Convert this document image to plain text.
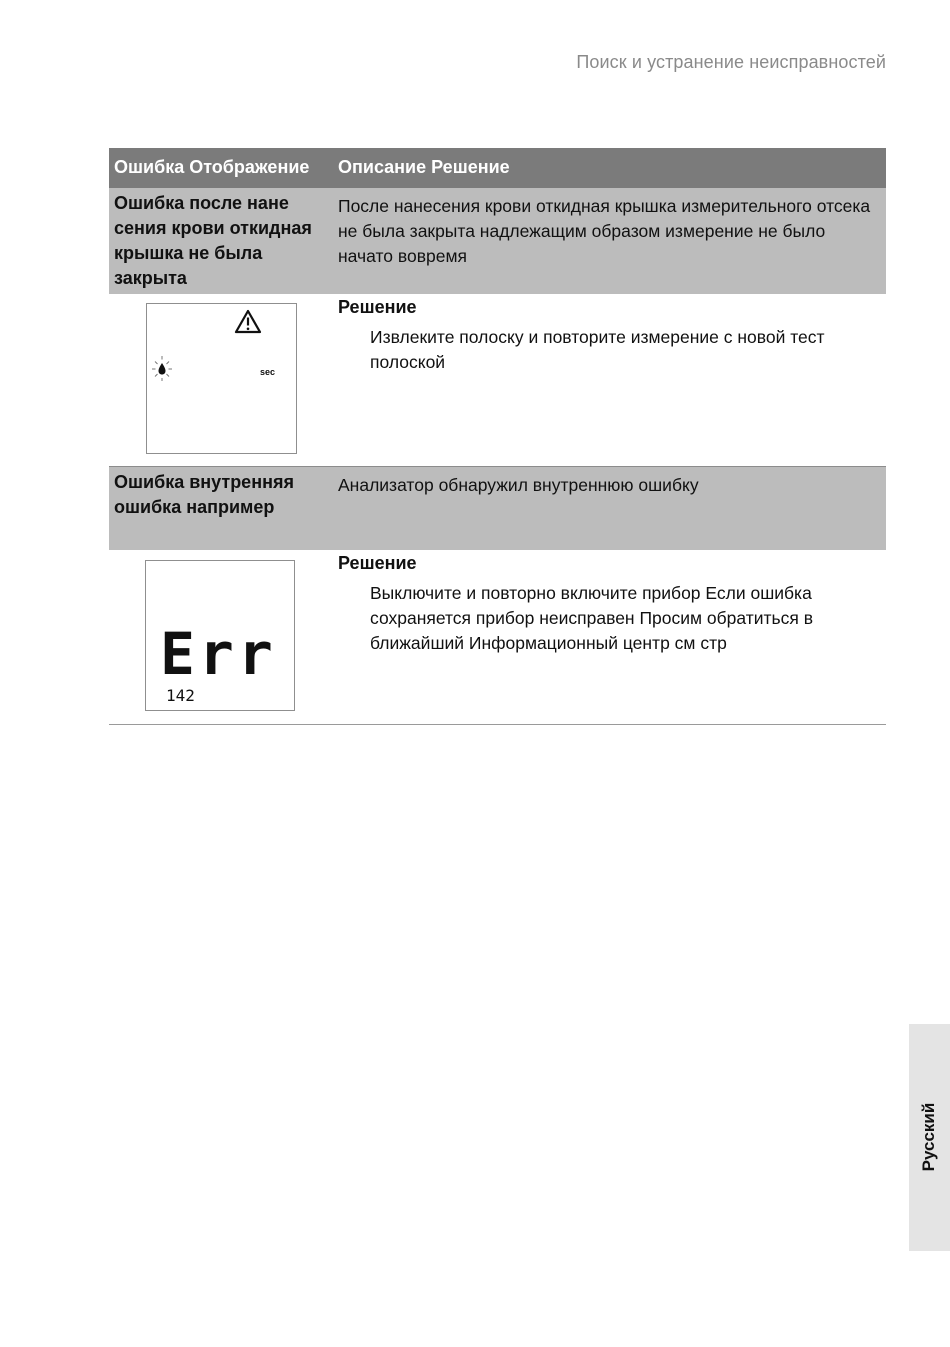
Поиск и устранение неисправностей
Ошибка Отображение Описание Решение
Ошибка после нане сения крови откидная крышка не была закрыта
После нанесения крови откидная крышка измерительного отсека не была закрыта надлежащим образом измерение не было начато вовремя
sec
Решение
Извлеките полоску и повторите измерение с новой тест полоской
Ошибка внутренняя ошибка например
Анализатор обнаружил внутреннюю ошибку
Err
142
Решение
Выключите и повторно включите прибор Если ошибка сохраняется прибор неисправен Просим обратиться в ближайший Информационный центр см стр
Русский
